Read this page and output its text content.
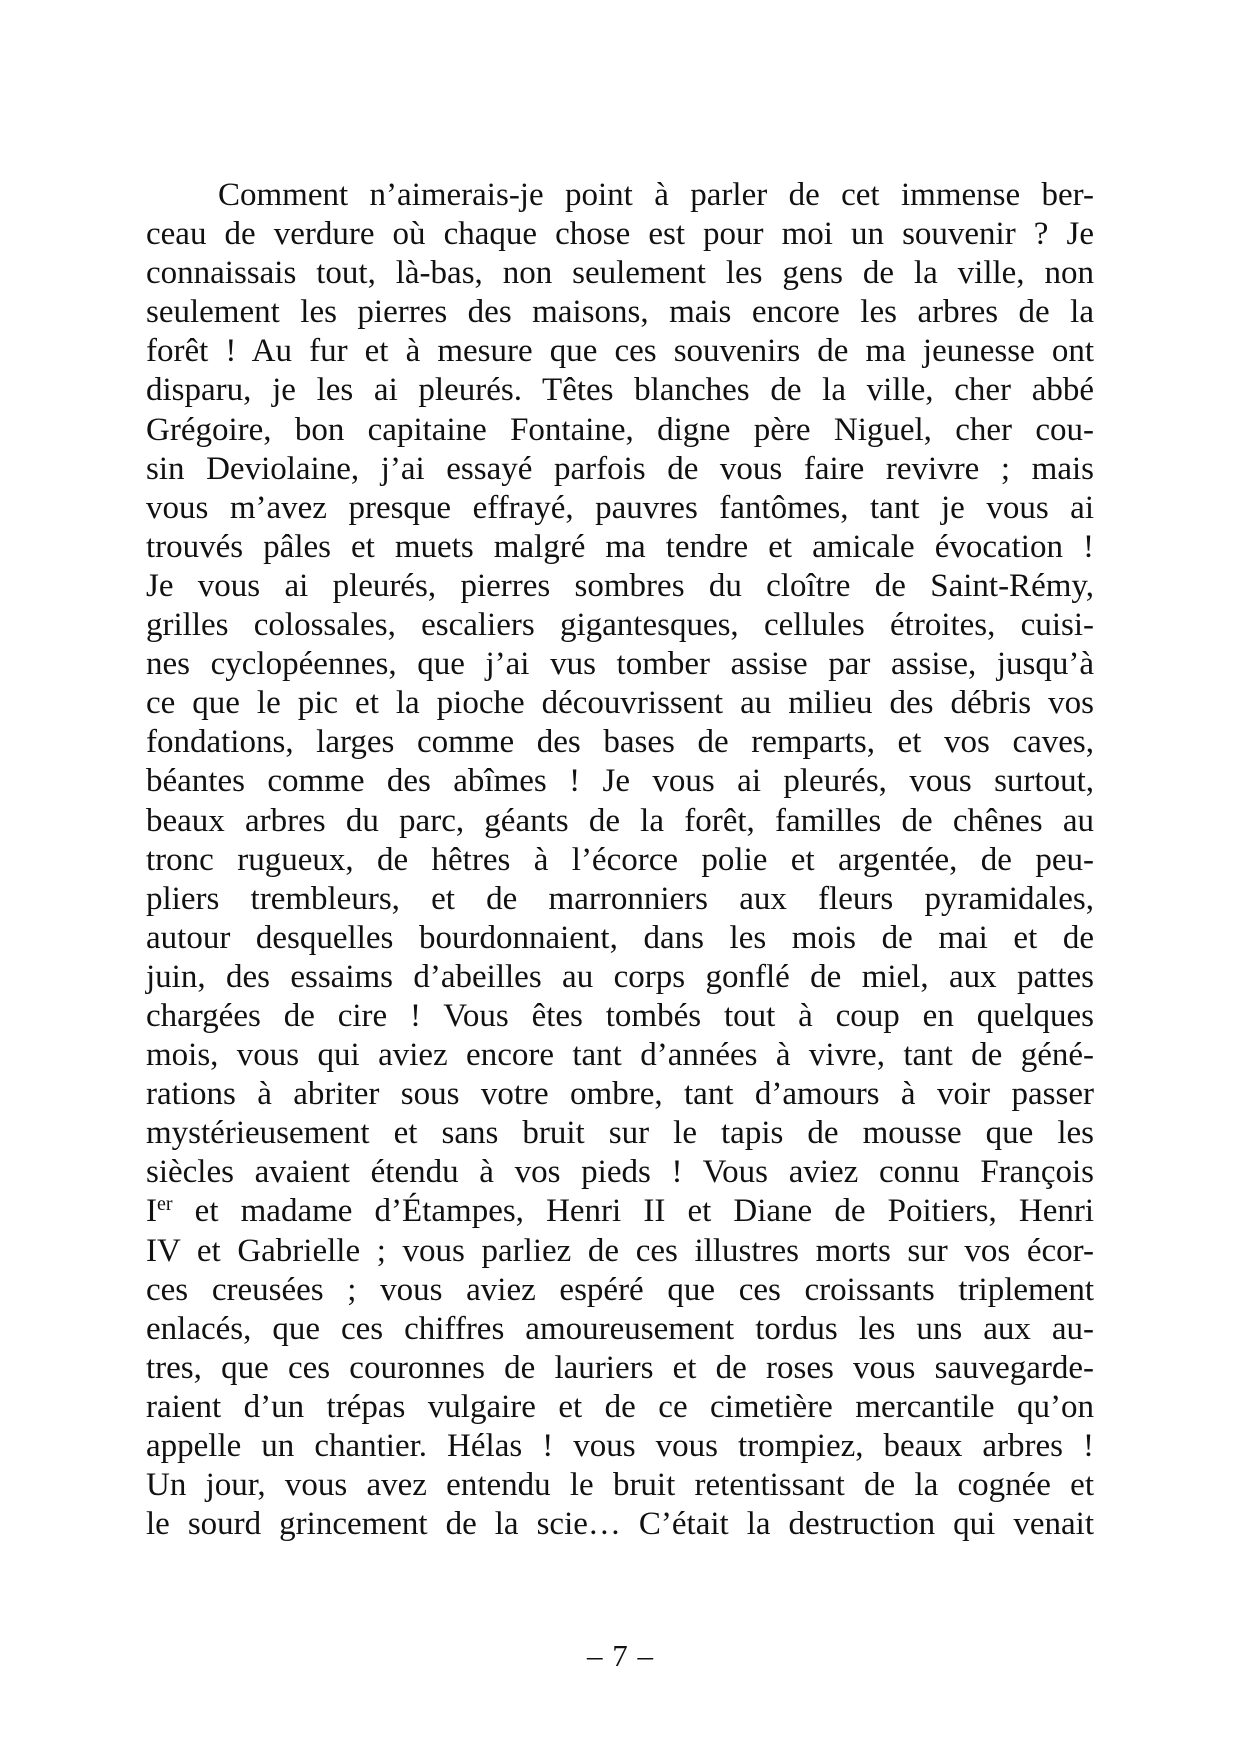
Comment n’aimerais-je point à parler de cet immense ber-
ceau de verdure où chaque chose est pour moi un souvenir ? Je
connaissais tout, là-bas, non seulement les gens de la ville, non
seulement les pierres des maisons, mais encore les arbres de la
forêt ! Au fur et à mesure que ces souvenirs de ma jeunesse ont
disparu, je les ai pleurés. Têtes blanches de la ville, cher abbé
Grégoire, bon capitaine Fontaine, digne père Niguel, cher cou-
sin Deviolaine, j’ai essayé parfois de vous faire revivre ; mais
vous m’avez presque effrayé, pauvres fantômes, tant je vous ai
trouvés pâles et muets malgré ma tendre et amicale évocation !
Je vous ai pleurés, pierres sombres du cloître de Saint-Rémy,
grilles colossales, escaliers gigantesques, cellules étroites, cuisi-
nes cyclopéennes, que j’ai vus tomber assise par assise, jusqu’à
ce que le pic et la pioche découvrissent au milieu des débris vos
fondations, larges comme des bases de remparts, et vos caves,
béantes comme des abîmes ! Je vous ai pleurés, vous surtout,
beaux arbres du parc, géants de la forêt, familles de chênes au
tronc rugueux, de hêtres à l’écorce polie et argentée, de peu-
pliers trembleurs, et de marronniers aux fleurs pyramidales,
autour desquelles bourdonnaient, dans les mois de mai et de
juin, des essaims d’abeilles au corps gonflé de miel, aux pattes
chargées de cire ! Vous êtes tombés tout à coup en quelques
mois, vous qui aviez encore tant d’années à vivre, tant de géné-
rations à abriter sous votre ombre, tant d’amours à voir passer
mystérieusement et sans bruit sur le tapis de mousse que les
siècles avaient étendu à vos pieds ! Vous aviez connu François
Ier et madame d’Étampes, Henri II et Diane de Poitiers, Henri
IV et Gabrielle ; vous parliez de ces illustres morts sur vos écor-
ces creusées ; vous aviez espéré que ces croissants triplement
enlacés, que ces chiffres amoureusement tordus les uns aux au-
tres, que ces couronnes de lauriers et de roses vous sauvegarde-
raient d’un trépas vulgaire et de ce cimetière mercantile qu’on
appelle un chantier. Hélas ! vous vous trompiez, beaux arbres !
Un jour, vous avez entendu le bruit retentissant de la cognée et
le sourd grincement de la scie… C’était la destruction qui venait
– 7 –
